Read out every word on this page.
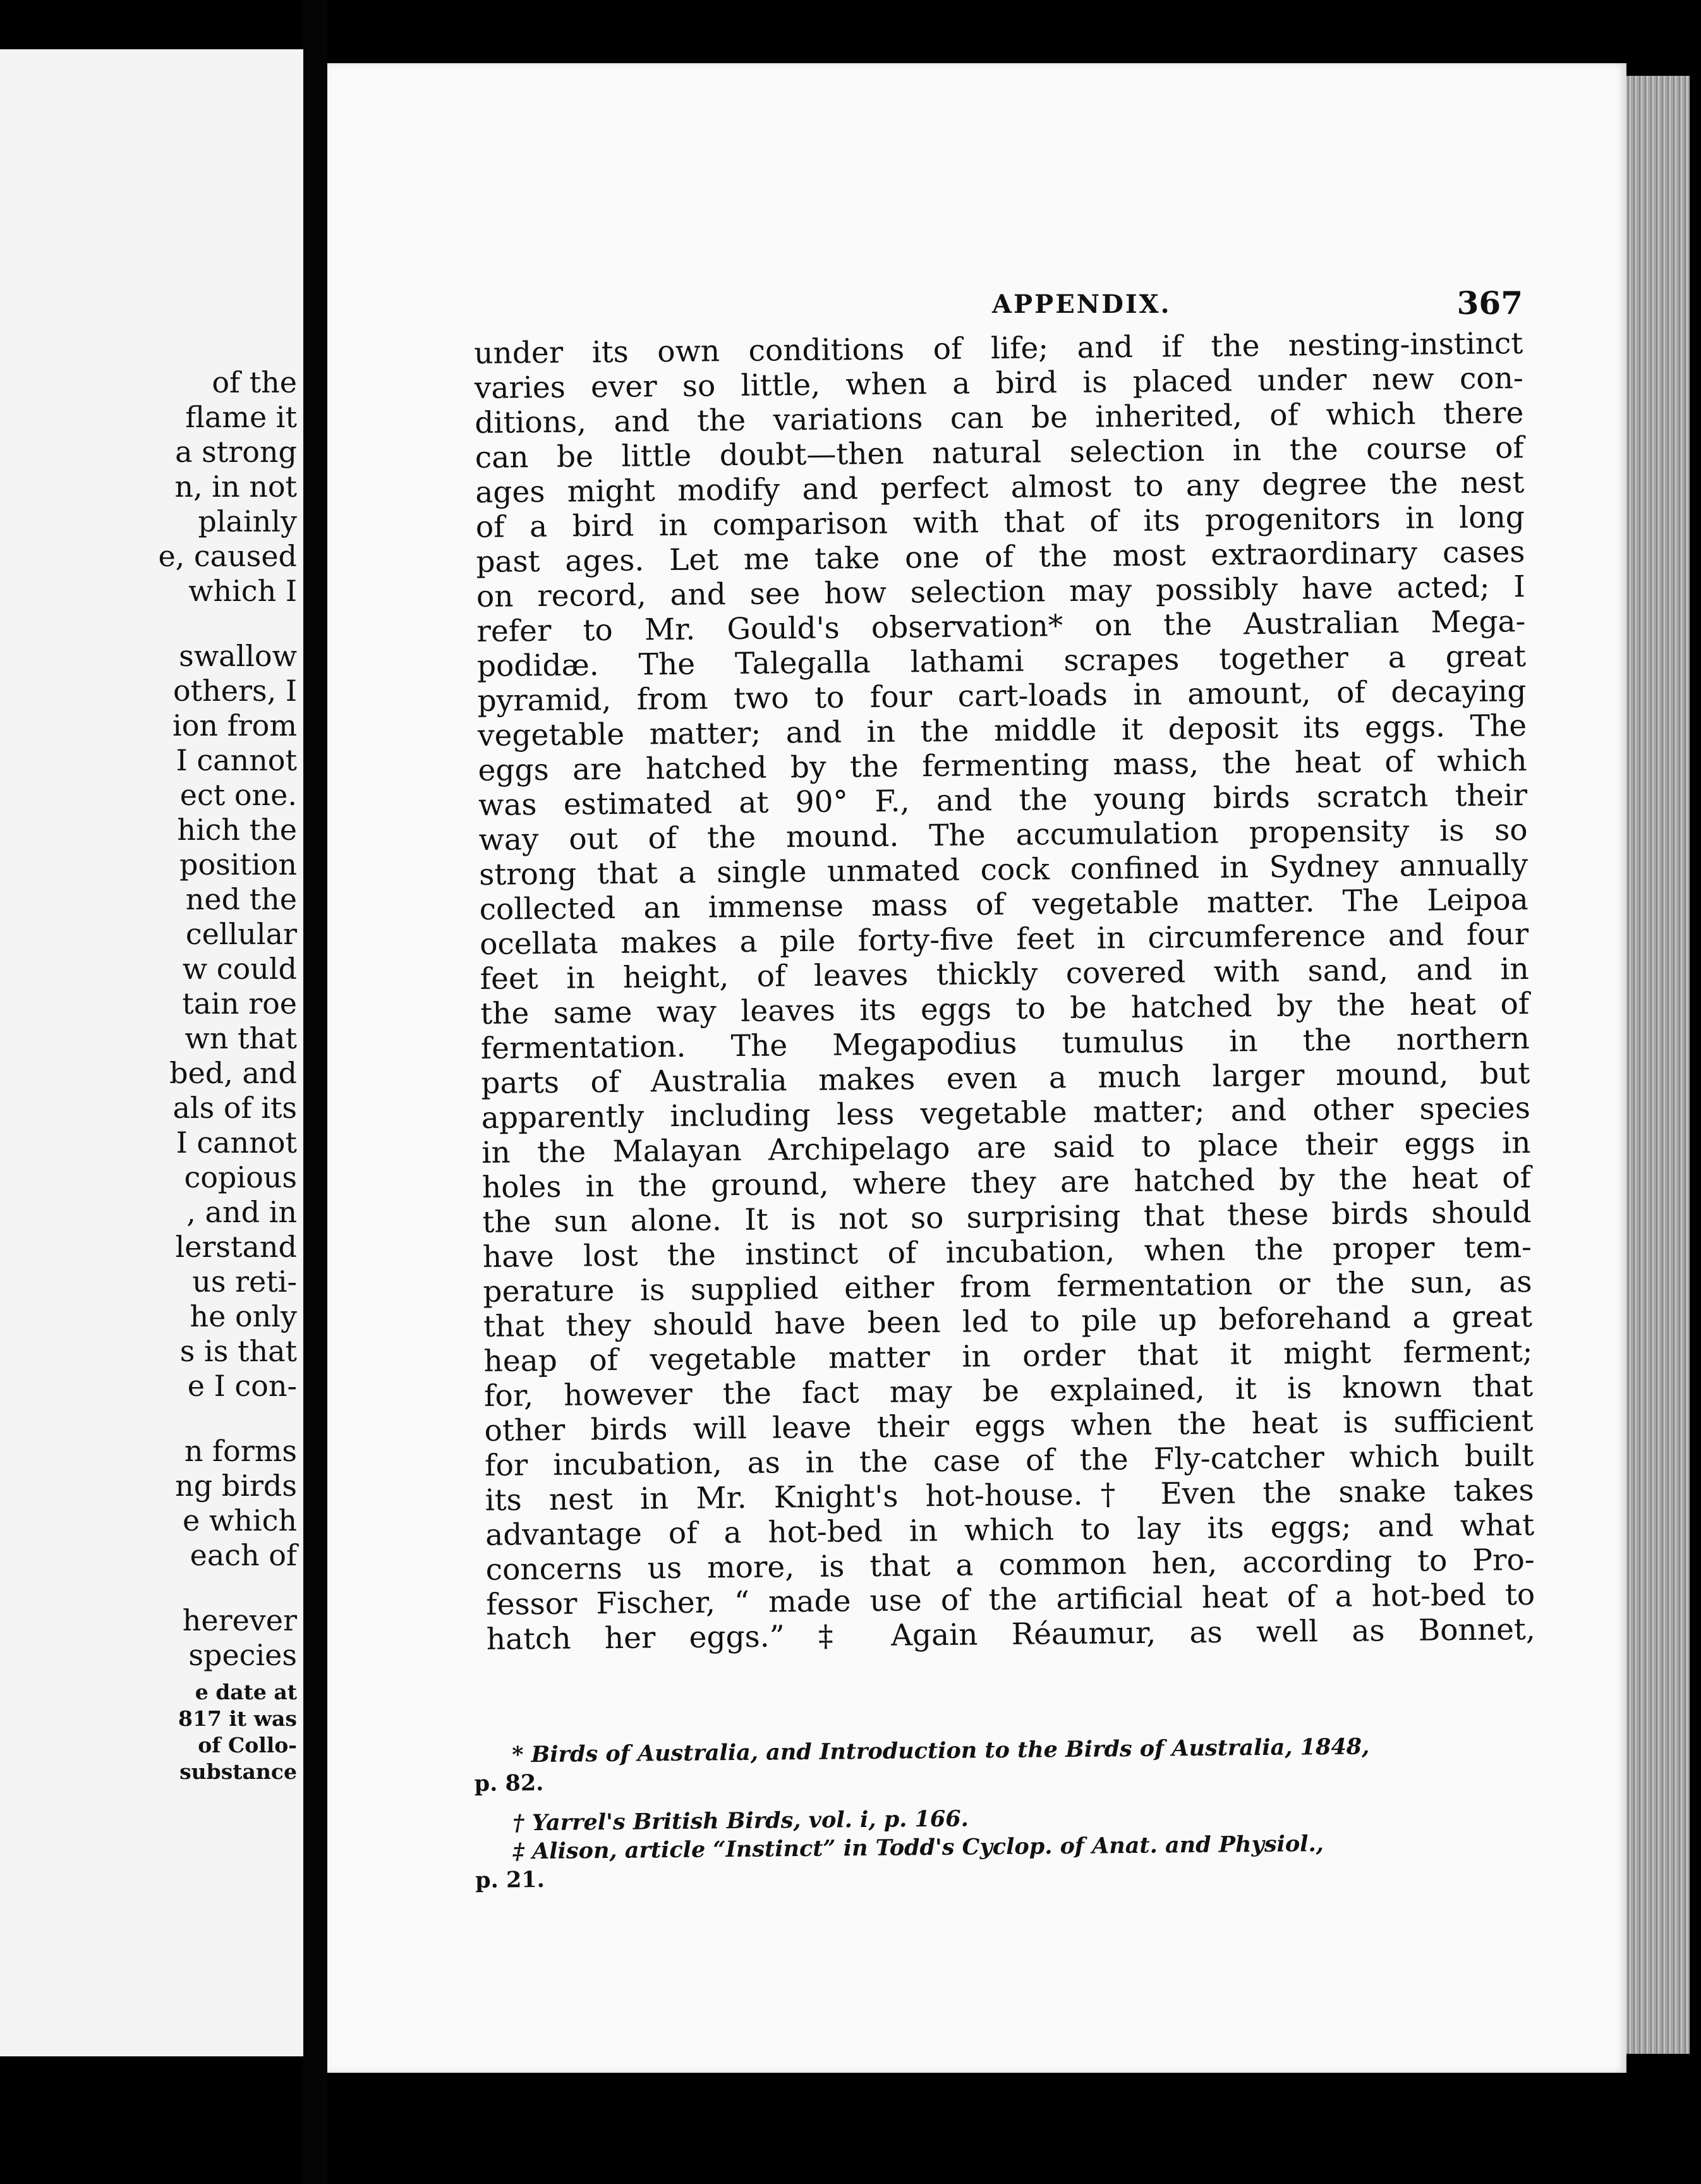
of the
flame it
a strong
n, in not
plainly
e, caused
which I
swallow
others, I
ion from
I cannot
ect one.
hich the
position
ned the
cellular
w could
tain roe
wn that
bed, and
als of its
I cannot
copious
, and in
lerstand
us reti-
he only
s is that
e I con-
n forms
ng birds
e which
each of
herever
species
e date at
817 it was
of Collo-
substance
APPENDIX.	367
under its own conditions of life; and if the nesting-instinct
varies ever so little, when a bird is placed under new con-
ditions, and the variations can be inherited, of which there
can be little doubt—then natural selection in the course of
ages might modify and perfect almost to any degree the nest
of a bird in comparison with that of its progenitors in long
past ages. Let me take one of the most extraordinary cases
on record, and see how selection may possibly have acted; I
refer to Mr. Gould's observation* on the Australian Mega-
podidæ. The Talegalla lathami scrapes together a great
pyramid, from two to four cart-loads in amount, of decaying
vegetable matter; and in the middle it deposit its eggs. The
eggs are hatched by the fermenting mass, the heat of which
was estimated at 90° F., and the young birds scratch their
way out of the mound. The accumulation propensity is so
strong that a single unmated cock confined in Sydney annually
collected an immense mass of vegetable matter. The Leipoa
ocellata makes a pile forty-five feet in circumference and four
feet in height, of leaves thickly covered with sand, and in
the same way leaves its eggs to be hatched by the heat of
fermentation. The Megapodius tumulus in the northern
parts of Australia makes even a much larger mound, but
apparently including less vegetable matter; and other species
in the Malayan Archipelago are said to place their eggs in
holes in the ground, where they are hatched by the heat of
the sun alone. It is not so surprising that these birds should
have lost the instinct of incubation, when the proper tem-
perature is supplied either from fermentation or the sun, as
that they should have been led to pile up beforehand a great
heap of vegetable matter in order that it might ferment;
for, however the fact may be explained, it is known that
other birds will leave their eggs when the heat is sufficient
for incubation, as in the case of the Fly-catcher which built
its nest in Mr. Knight's hot-house.† Even the snake takes
advantage of a hot-bed in which to lay its eggs; and what
concerns us more, is that a common hen, according to Pro-
fessor Fischer, “ made use of the artificial heat of a hot-bed to
hatch her eggs.” ‡ Again Réaumur, as well as Bonnet,
* Birds of Australia, and Introduction to the Birds of Australia, 1848,
p. 82.
† Yarrel's British Birds, vol. i, p. 166.
‡ Alison, article “Instinct” in Todd's Cyclop. of Anat. and Physiol.,
p. 21.
